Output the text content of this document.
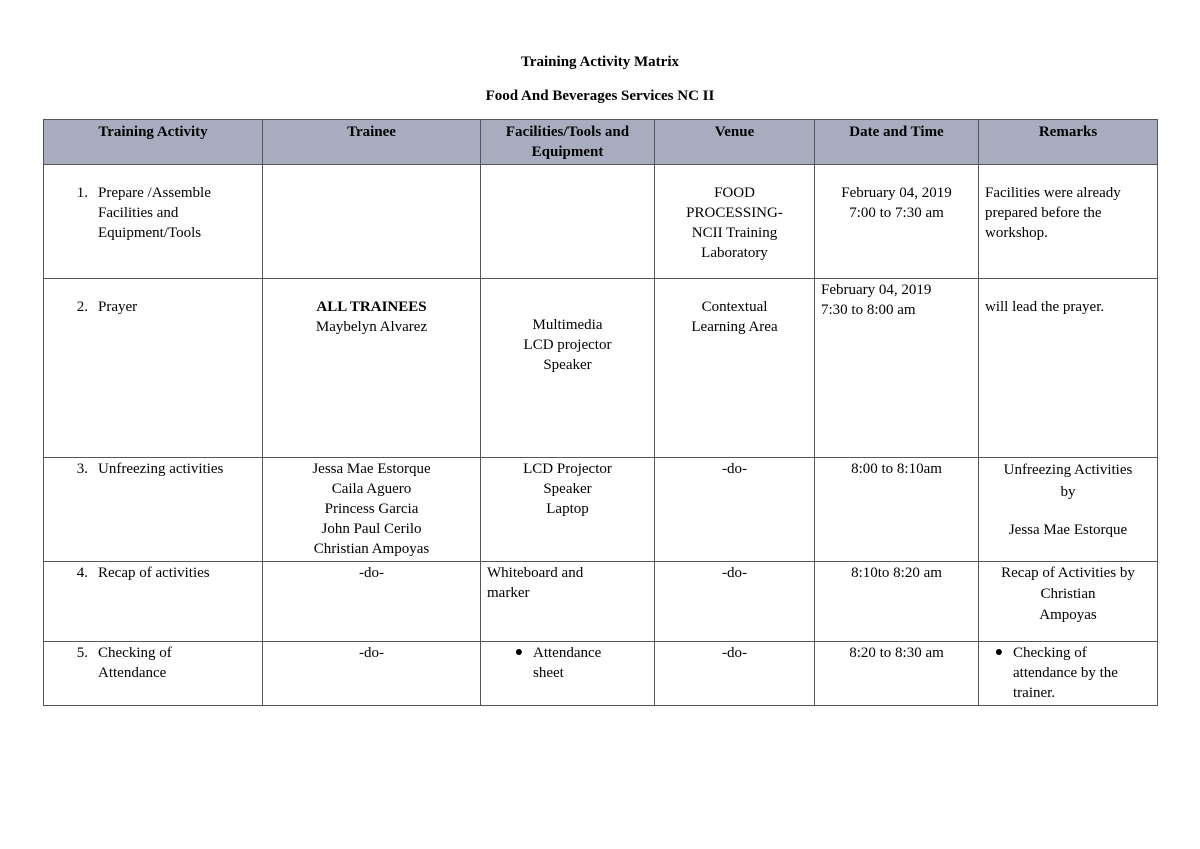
Training Activity Matrix
Food And Beverages Services NC II
Training Activity	Trainee	Facilities/Tools and Equipment	Venue	Date and Time	Remarks

1. Prepare /Assemble
Facilities and
Equipment/Tools			FOOD
PROCESSING-
NCII Training
Laboratory	February 04, 2019
7:00 to 7:30 am	Facilities were already
prepared before the
workshop.

2. Prayer	ALL TRAINEES
Maybelyn Alvarez	Multimedia
LCD projector
Speaker	Contextual
Learning Area	February 04, 2019
7:30 to 8:00 am	will lead the prayer.

3. Unfreezing activities	Jessa Mae Estorque
Caila Aguero
Princess Garcia
John Paul Cerilo
Christian Ampoyas	LCD Projector
Speaker
Laptop	-do-	8:00 to 8:10am	Unfreezing Activities
by
Jessa Mae Estorque

4. Recap of activities	-do-	Whiteboard and
marker	-do-	8:10to 8:20 am	Recap of Activities by
Christian
Ampoyas

5. Checking of
Attendance	-do-	● Attendance
sheet	-do-	8:20 to 8:30 am	● Checking of
attendance by the
trainer.
